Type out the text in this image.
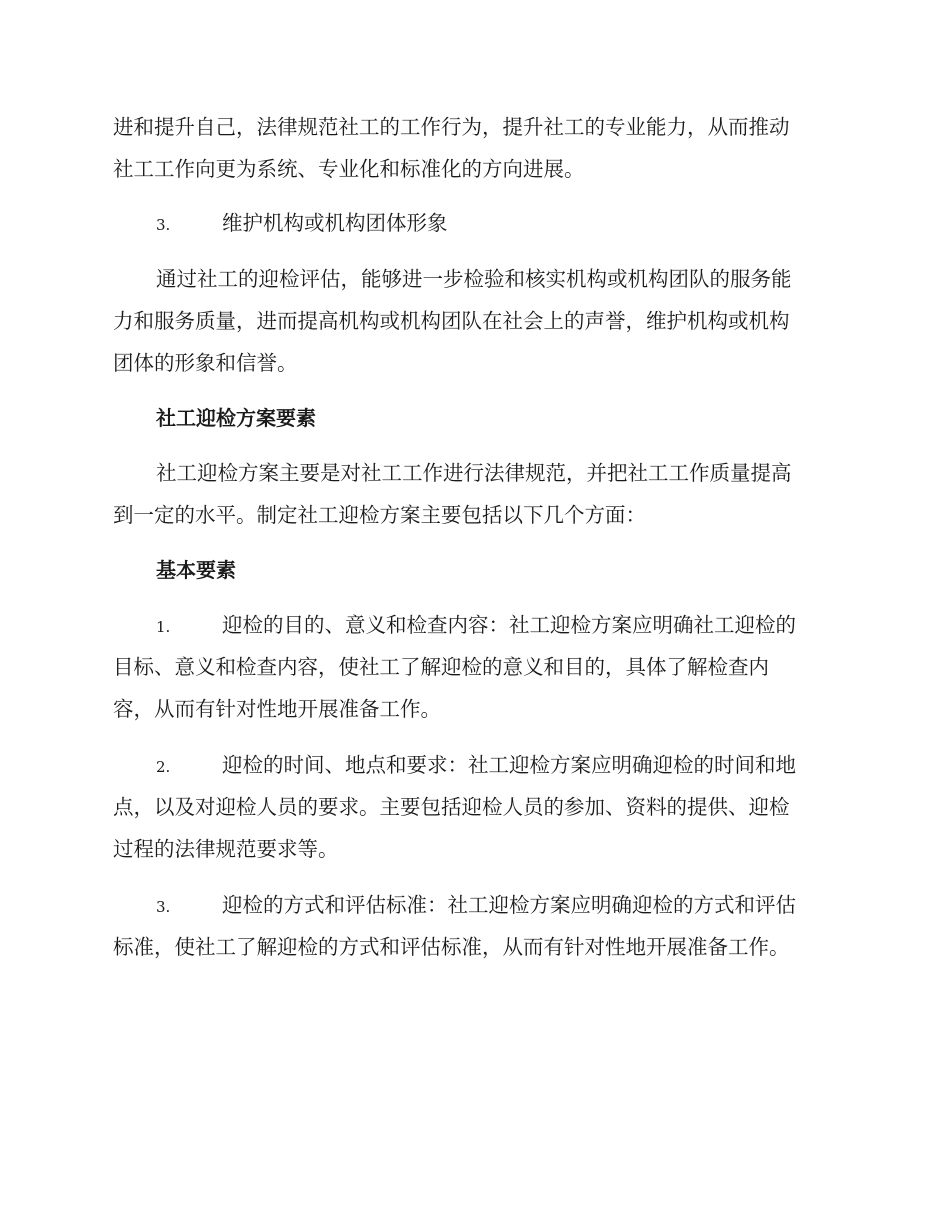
进和提升自己，法律规范社工的工作行为，提升社工的专业能力，从而推动
社工工作向更为系统、专业化和标准化的方向进展。
3.	维护机构或机构团体形象
通过社工的迎检评估，能够进一步检验和核实机构或机构团队的服务能
力和服务质量，进而提高机构或机构团队在社会上的声誉，维护机构或机构
团体的形象和信誉。
社工迎检方案要素
社工迎检方案主要是对社工工作进行法律规范，并把社工工作质量提高
到一定的水平。制定社工迎检方案主要包括以下几个方面：
基本要素
1.	迎检的目的、意义和检查内容：社工迎检方案应明确社工迎检的
目标、意义和检查内容，使社工了解迎检的意义和目的，具体了解检查内
容，从而有针对性地开展准备工作。
2.	迎检的时间、地点和要求：社工迎检方案应明确迎检的时间和地
点，以及对迎检人员的要求。主要包括迎检人员的参加、资料的提供、迎检
过程的法律规范要求等。
3.	迎检的方式和评估标准：社工迎检方案应明确迎检的方式和评估
标准，使社工了解迎检的方式和评估标准，从而有针对性地开展准备工作。
